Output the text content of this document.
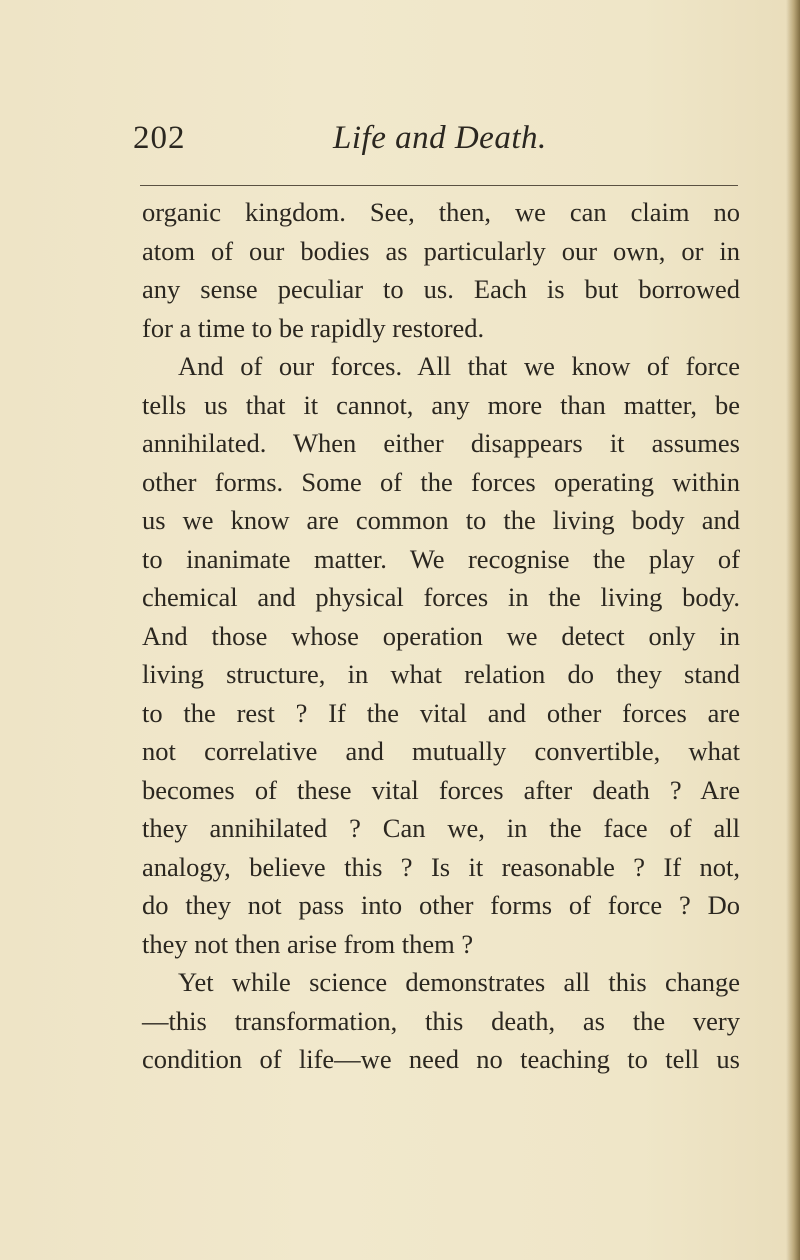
202	Life and Death.
organic kingdom. See, then, we can claim no
atom of our bodies as particularly our own, or in
any sense peculiar to us. Each is but borrowed
for a time to be rapidly restored.
And of our forces. All that we know of force
tells us that it cannot, any more than matter, be
annihilated. When either disappears it assumes
other forms. Some of the forces operating within
us we know are common to the living body and
to inanimate matter. We recognise the play of
chemical and physical forces in the living body.
And those whose operation we detect only in
living structure, in what relation do they stand
to the rest ? If the vital and other forces are
not correlative and mutually convertible, what
becomes of these vital forces after death ? Are
they annihilated ? Can we, in the face of all
analogy, believe this ? Is it reasonable ? If not,
do they not pass into other forms of force ? Do
they not then arise from them ?
Yet while science demonstrates all this change
—this transformation, this death, as the very
condition of life—we need no teaching to tell us
